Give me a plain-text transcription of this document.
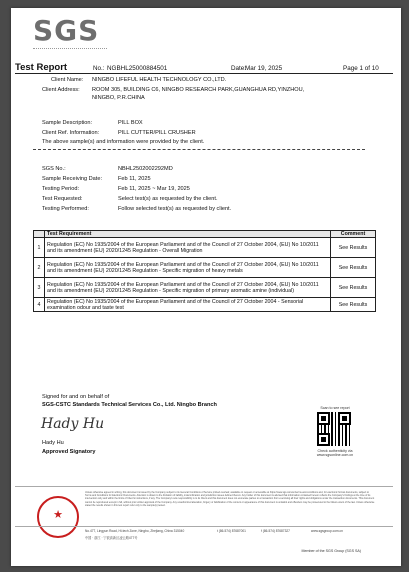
SGS
Test Report	No.: NGBHL25000884501	Date:
Mar 19, 2025	Page 1 of 10
Client Name: NINGBO LIFEFUL HEALTH TECHNOLOGY CO.,LTD.
Client Address: ROOM 305, BUILDING C6, NINGBO RESEARCH PARK,GUANGHUA RD,YINZHOU,
NINGBO, P.R.CHINA
Sample Description:	PILL BOX
Client Ref. Information:	PILL CUTTER/PILL CRUSHER
The above sample(s) and information were provided by the client.
SGS No.:	NBHL2502002292MD
Sample Receiving Date:	Feb 11, 2025
Testing Period:	Feb 11, 2025 ~ Mar 19, 2025
Test Requested:	Select test(s) as requested by the client.
Testing Performed:	Follow selected test(s) as requested by client.
	Test Requirement	Comment
1	Regulation (EC) No 1935/2004 of the European Parliament and of the Council of 27 October 2004, (EU) No 10/2011 and its amendment (EU) 2020/1245 Regulation - Overall Migration	See Results
2	Regulation (EC) No 1935/2004 of the European Parliament and of the Council of 27 October 2004, (EU) No 10/2011 and its amendment (EU) 2020/1245 Regulation - Specific migration of heavy metals	See Results
3	Regulation (EC) No 1935/2004 of the European Parliament and of the Council of 27 October 2004, (EU) No 10/2011 and its amendment (EU) 2020/1245 Regulation - Specific migration of primary aromatic amine (individual)	See Results
4	Regulation (EC) No 1935/2004 of the European Parliament and of the Council of 27 October 2004 - Sensorial examination odour and taste test	See Results
Signed for and on behalf of
SGS-CSTC Standards Technical Services Co., Ltd. Ningbo Branch
Hady Hu
Hady Hu
Approved Signatory
Scan to see report
Check authenticity via www.sgsonline.com.cn
★
Unless otherwise agreed in writing, this document is issued by the Company subject to its General Conditions of Service printed overleaf, available on request or accessible at https://www.sgs.com/en/terms-and-conditions and, for electronic format documents, subject to Terms and Conditions for Electronic Documents. Attention is drawn to the limitation of liability, indemnification and jurisdiction issues defined therein. Any holder of this document is advised that information contained hereon reflects the Company's findings at the time of its intervention only and within the limits of Client's instructions, if any. The Company's sole responsibility is to its Client and this document does not exonerate parties to a transaction from exercising all their rights and obligations under the transaction documents. This document cannot be reproduced except in full, without prior written approval of the Company. Any unauthorized alteration, forgery or falsification of the content or appearance of this document is unlawful and offenders may be prosecuted to the fullest extent of the law. Unless otherwise stated the results shown in this test report refer only to the sample(s) tested.
No.477, Lingyun Road, Hi-tech Zone, Ningbo, Zhejiang, China 315040
中国 · 浙江 · 宁波高新区凌云路477号
t (86-574) 87687001	f (86-574) 87687327	www.sgsgroup.com.cn
Member of the SGS Group (SGS SA)
